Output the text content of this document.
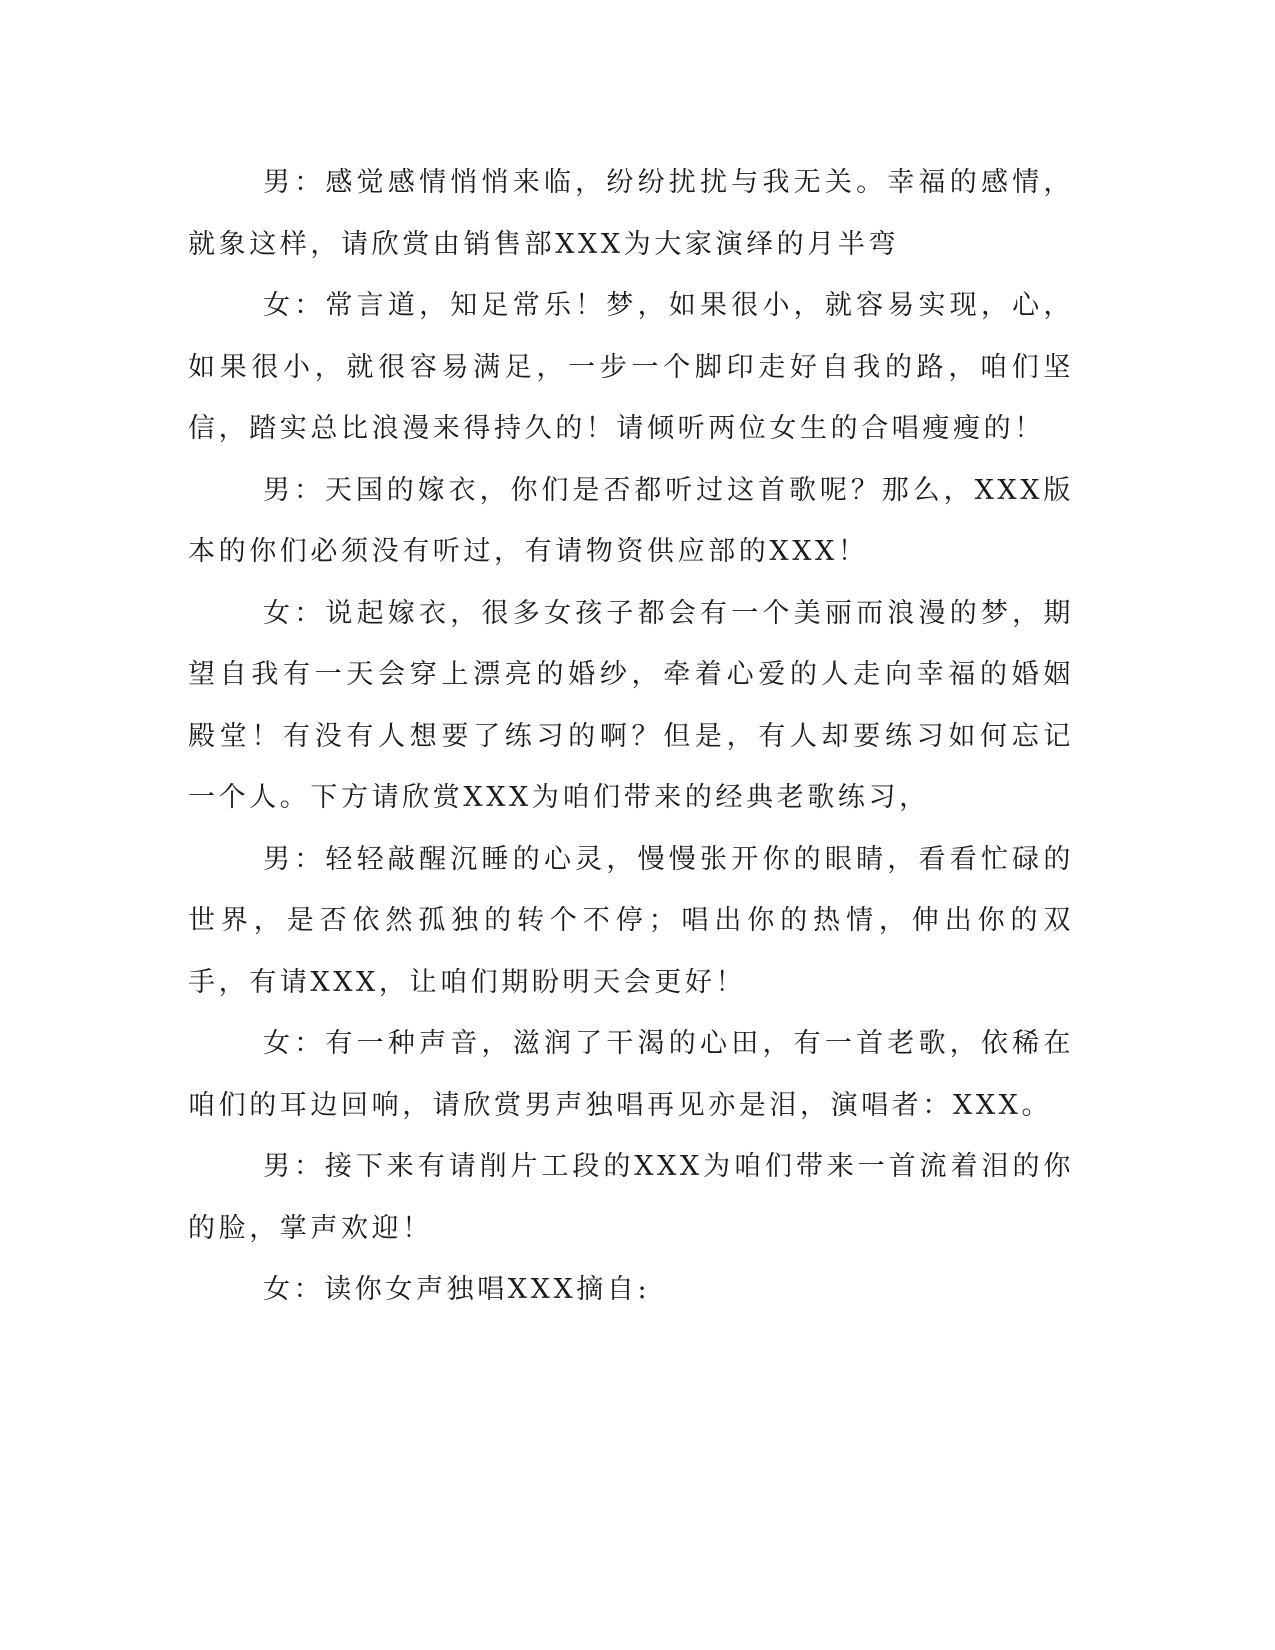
男：感觉感情悄悄来临，纷纷扰扰与我无关。幸福的感情，就象这样，请欣赏由销售部XXX为大家演绎的月半弯

女：常言道，知足常乐！梦，如果很小，就容易实现，心，如果很小，就很容易满足，一步一个脚印走好自我的路，咱们坚信，踏实总比浪漫来得持久的！请倾听两位女生的合唱瘦瘦的！

男：天国的嫁衣，你们是否都听过这首歌呢？那么，XXX版本的你们必须没有听过，有请物资供应部的XXX！

女：说起嫁衣，很多女孩子都会有一个美丽而浪漫的梦，期望自我有一天会穿上漂亮的婚纱，牵着心爱的人走向幸福的婚姻殿堂！有没有人想要了练习的啊？但是，有人却要练习如何忘记一个人。下方请欣赏XXX为咱们带来的经典老歌练习，

男：轻轻敲醒沉睡的心灵，慢慢张开你的眼睛，看看忙碌的世界，是否依然孤独的转个不停；唱出你的热情，伸出你的双手，有请XXX，让咱们期盼明天会更好！

女：有一种声音，滋润了干渴的心田，有一首老歌，依稀在咱们的耳边回响，请欣赏男声独唱再见亦是泪，演唱者：XXX。

男：接下来有请削片工段的XXX为咱们带来一首流着泪的你的脸，掌声欢迎！

女：读你女声独唱XXX摘自:
